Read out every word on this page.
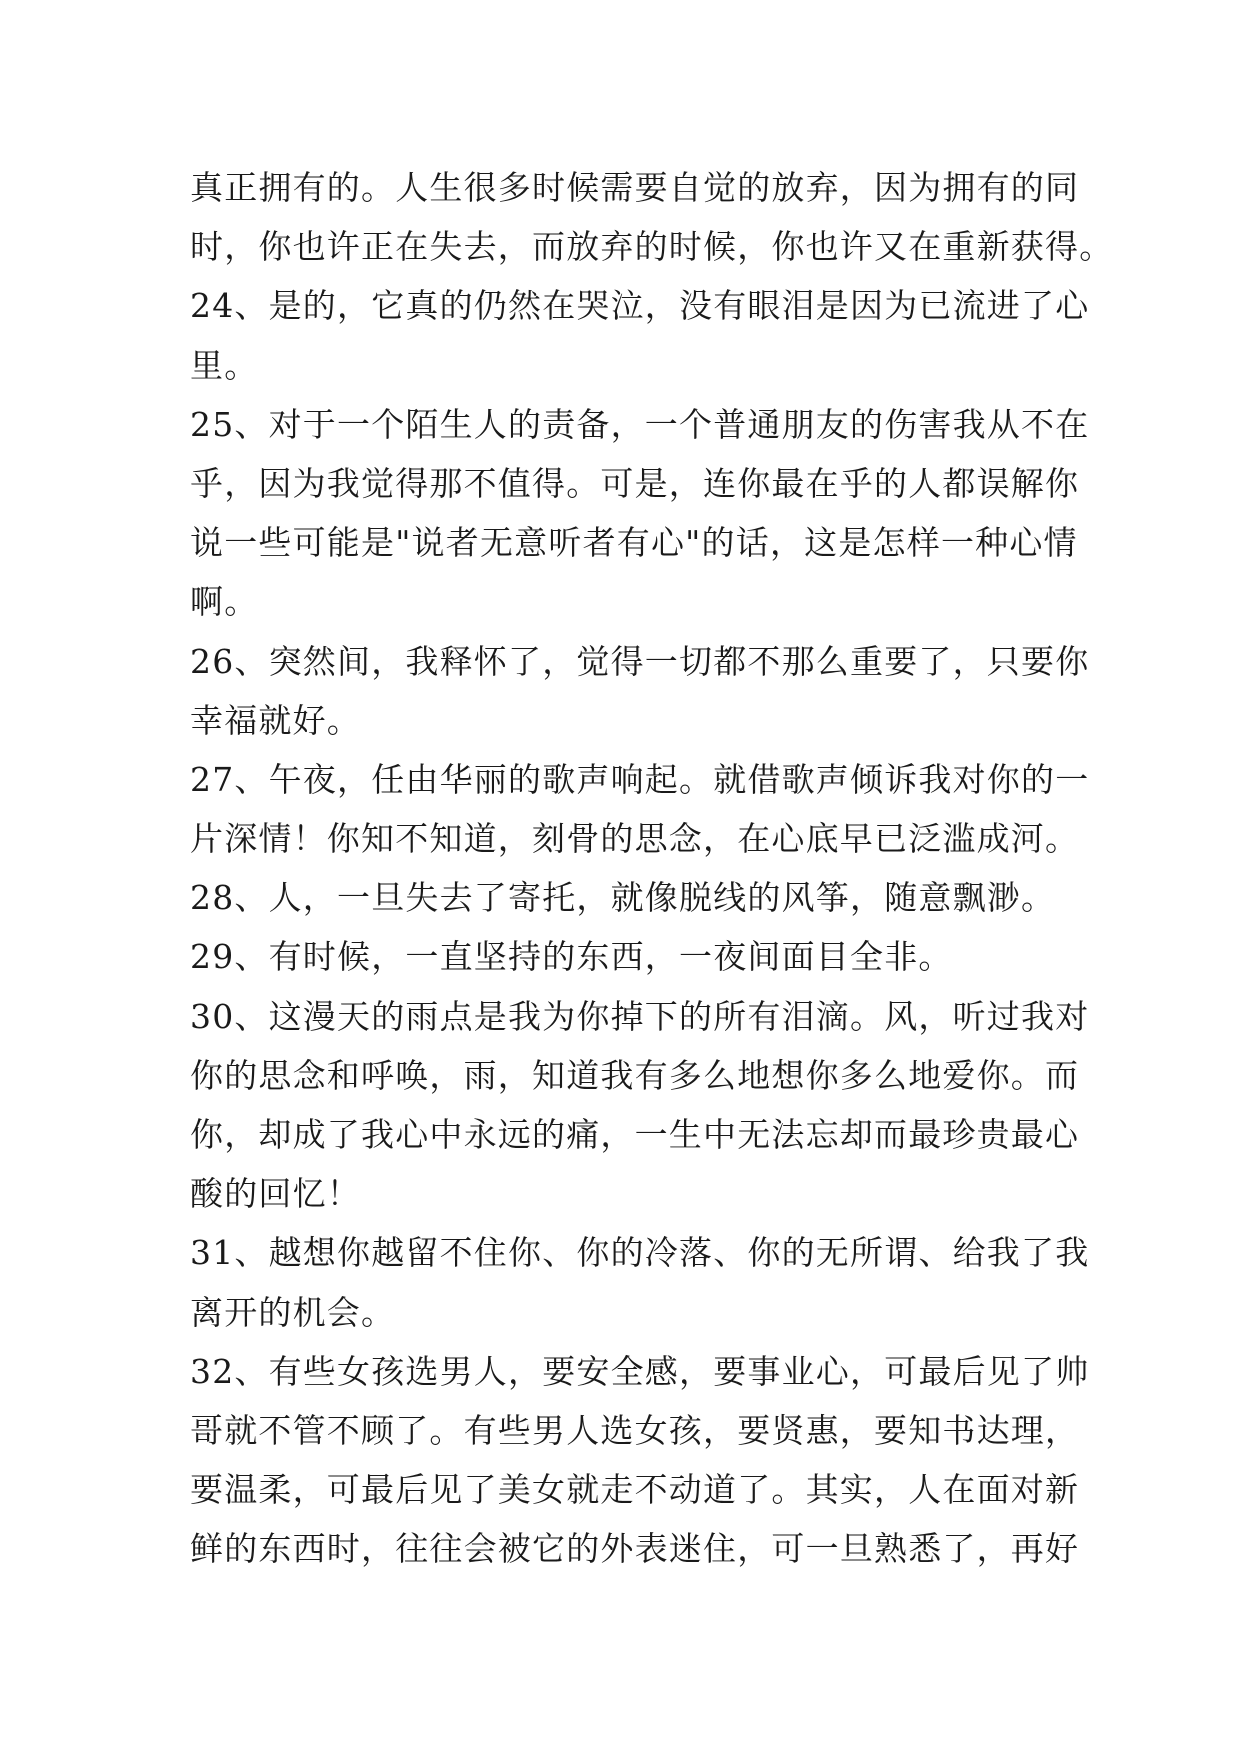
真正拥有的。人生很多时候需要自觉的放弃，因为拥有的同
时，你也许正在失去，而放弃的时候，你也许又在重新获得。
24、是的，它真的仍然在哭泣，没有眼泪是因为已流进了心
里。
25、对于一个陌生人的责备，一个普通朋友的伤害我从不在
乎，因为我觉得那不值得。可是，连你最在乎的人都误解你
说一些可能是"说者无意听者有心"的话，这是怎样一种心情
啊。
26、突然间，我释怀了，觉得一切都不那么重要了，只要你
幸福就好。
27、午夜，任由华丽的歌声响起。就借歌声倾诉我对你的一
片深情！你知不知道，刻骨的思念，在心底早已泛滥成河。
28、人，一旦失去了寄托，就像脱线的风筝，随意飘渺。
29、有时候，一直坚持的东西，一夜间面目全非。
30、这漫天的雨点是我为你掉下的所有泪滴。风，听过我对
你的思念和呼唤，雨，知道我有多么地想你多么地爱你。而
你，却成了我心中永远的痛，一生中无法忘却而最珍贵最心
酸的回忆！
31、越想你越留不住你、你的冷落、你的无所谓、给我了我
离开的机会。
32、有些女孩选男人，要安全感，要事业心，可最后见了帅
哥就不管不顾了。有些男人选女孩，要贤惠，要知书达理，
要温柔，可最后见了美女就走不动道了。其实，人在面对新
鲜的东西时，往往会被它的外表迷住，可一旦熟悉了，再好
